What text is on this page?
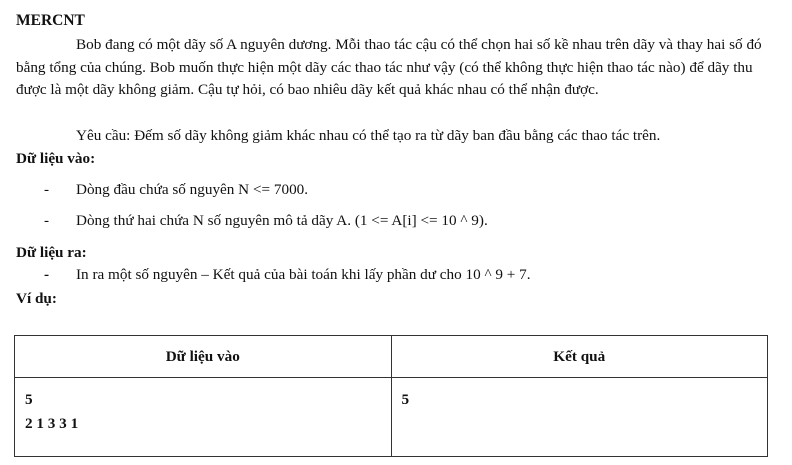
MERCNT
Bob đang có một dãy số A nguyên dương. Mỗi thao tác cậu có thể chọn hai số kề nhau trên dãy và thay hai số đó bằng tổng của chúng. Bob muốn thực hiện một dãy các thao tác như vậy (có thể không thực hiện thao tác nào) để dãy thu được là một dãy không giảm. Cậu tự hỏi, có bao nhiêu dãy kết quả khác nhau có thể nhận được.
Yêu cầu: Đếm số dãy không giảm khác nhau có thể tạo ra từ dãy ban đầu bằng các thao tác trên.
Dữ liệu vào:
- Dòng đầu chứa số nguyên N <= 7000.
- Dòng thứ hai chứa N số nguyên mô tả dãy A. (1 <= A[i] <= 10 ^ 9).
Dữ liệu ra:
- In ra một số nguyên – Kết quả của bài toán khi lấy phần dư cho 10 ^ 9 + 7.
Ví dụ:
Dữ liệu vào	Kết quả

5
2 1 3 3 1	5
